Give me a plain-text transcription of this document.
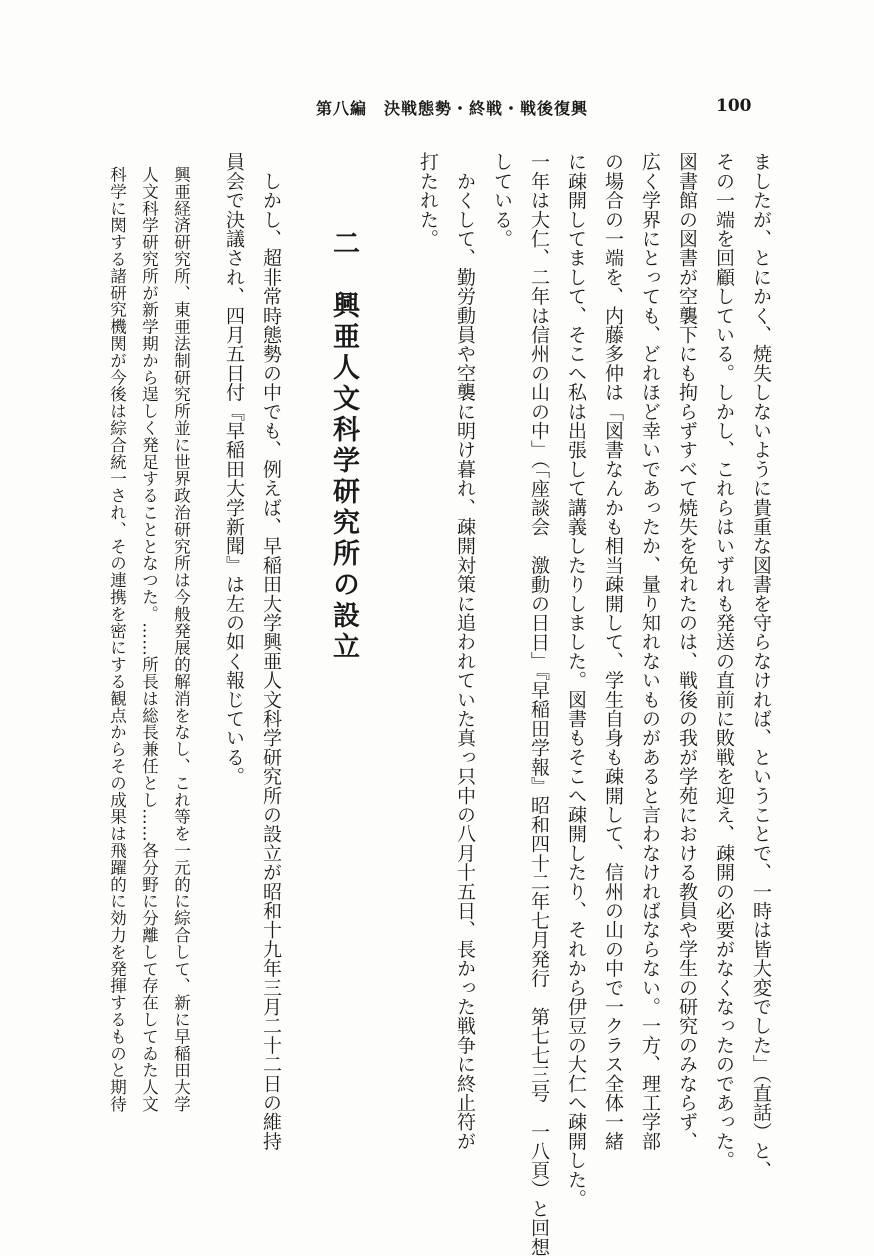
第八編　決戦態勢・終戦・戦後復興	100
ましたが、とにかく、焼失しないように貴重な図書を守らなければ、ということで、一時は皆大変でした」（直話）と、
その一端を回顧している。しかし、これらはいずれも発送の直前に敗戦を迎え、疎開の必要がなくなったのであった。
図書館の図書が空襲下にも拘らずすべて焼失を免れたのは、戦後の我が学苑における教員や学生の研究のみならず、
広く学界にとっても、どれほど幸いであったか、量り知れないものがあると言わなければならない。一方、理工学部
の場合の一端を、内藤多仲は「図書なんかも相当疎開して、学生自身も疎開して、信州の山の中で一クラス全体一緒
に疎開してまして、そこへ私は出張して講義したりしました。図書もそこへ疎開したり、それから伊豆の大仁へ疎開した。
一年は大仁、二年は信州の山の中」（「座談会　激動の日日」『早稲田学報』昭和四十二年七月発行　第七七三号　一八頁）と回想
している。
　かくして、勤労動員や空襲に明け暮れ、疎開対策に追われていた真っ只中の八月十五日、長かった戦争に終止符が
打たれた。
二　興亜人文科学研究所の設立
　しかし、超非常時態勢の中でも、例えば、早稲田大学興亜人文科学研究所の設立が昭和十九年三月二十二日の維持
員会で決議され、四月五日付『早稲田大学新聞』は左の如く報じている。
興亜経済研究所、東亜法制研究所並に世界政治研究所は今般発展的解消をなし、これ等を一元的に綜合して、新に早稲田大学
人文科学研究所が新学期から逞しく発足することとなつた。……所長は総長兼任とし……各分野に分離して存在してゐた人文
科学に関する諸研究機関が今後は綜合統一され、その連携を密にする観点からその成果は飛躍的に効力を発揮するものと期待
